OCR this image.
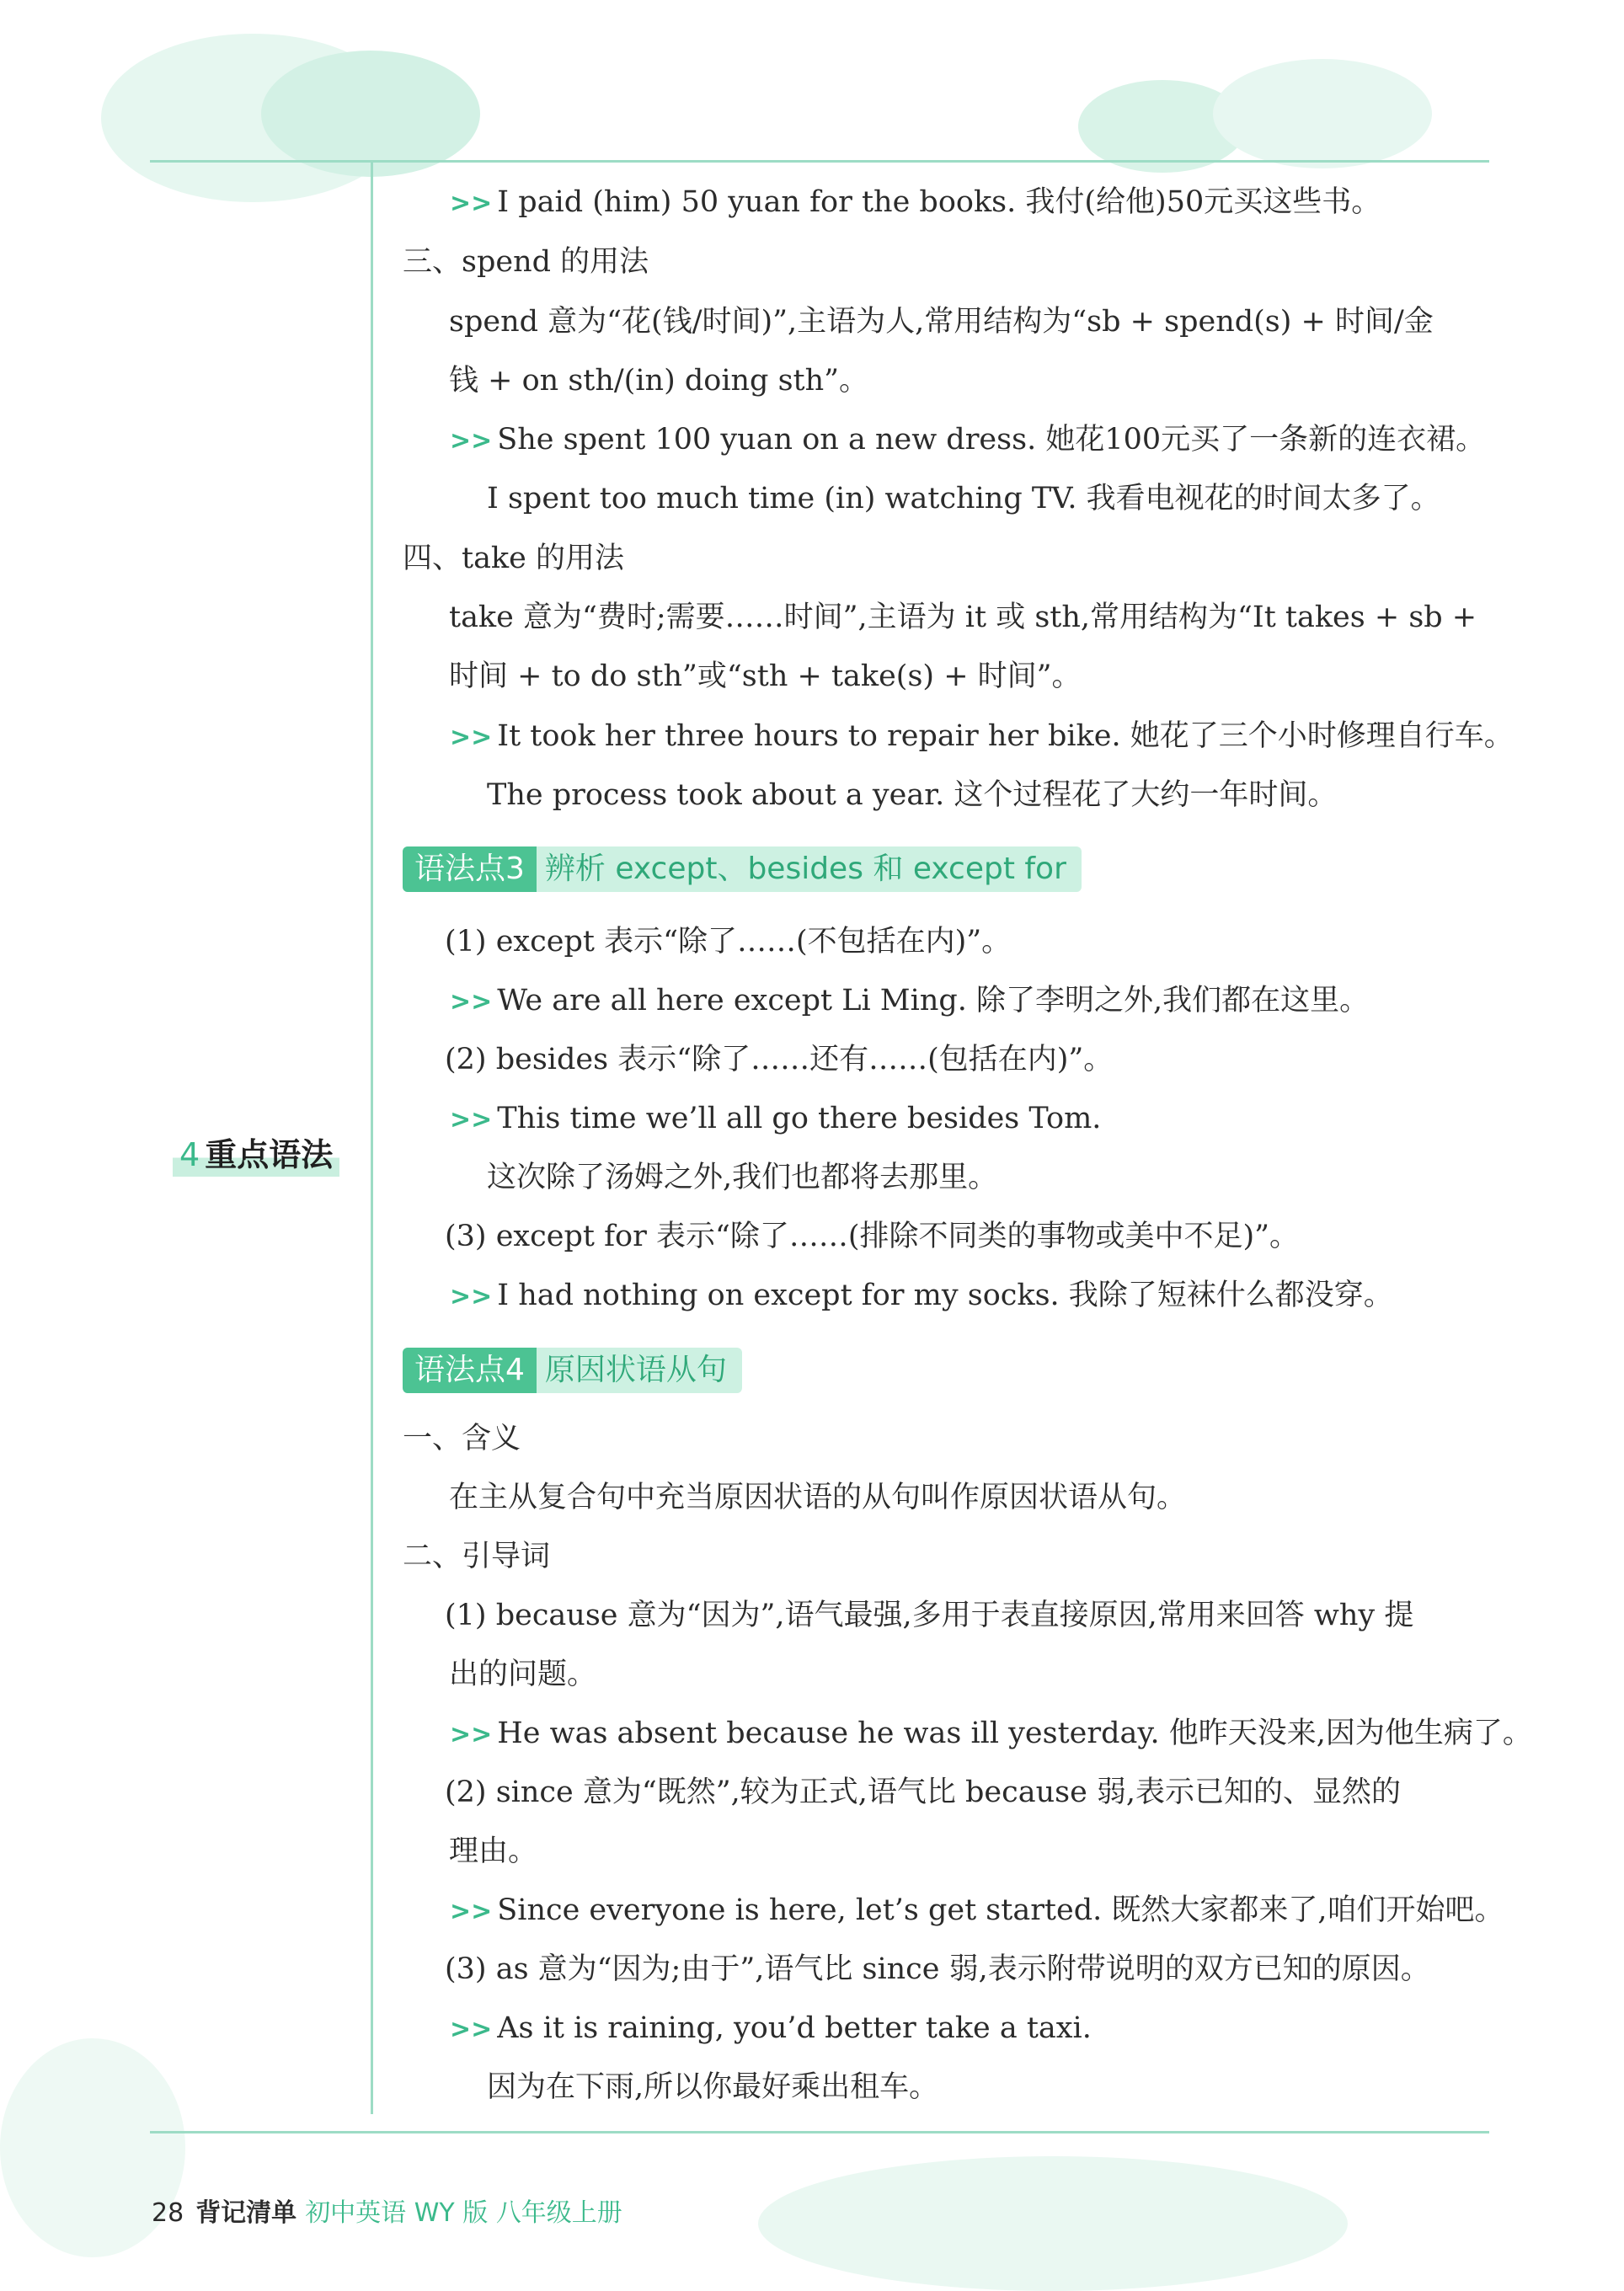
4 重点语法
>> I paid (him) 50 yuan for the books. 我付(给他)50元买这些书。
三、spend 的用法
spend 意为“花(钱/时间)”,主语为人,常用结构为“sb + spend(s) + 时间/金
钱 + on sth/(in) doing sth”。
>> She spent 100 yuan on a new dress. 她花100元买了一条新的连衣裙。
I spent too much time (in) watching TV. 我看电视花的时间太多了。
四、take 的用法
take 意为“费时;需要……时间”,主语为 it 或 sth,常用结构为“It takes + sb +
时间 + to do sth”或“sth + take(s) + 时间”。
>> It took her three hours to repair her bike. 她花了三个小时修理自行车。
The process took about a year. 这个过程花了大约一年时间。
语法点3 辨析 except、besides 和 except for
(1) except 表示“除了……(不包括在内)”。
>> We are all here except Li Ming. 除了李明之外,我们都在这里。
(2) besides 表示“除了……还有……(包括在内)”。
>> This time we’ll all go there besides Tom.
这次除了汤姆之外,我们也都将去那里。
(3) except for 表示“除了……(排除不同类的事物或美中不足)”。
>> I had nothing on except for my socks. 我除了短袜什么都没穿。
语法点4 原因状语从句
一、含义
在主从复合句中充当原因状语的从句叫作原因状语从句。
二、引导词
(1) because 意为“因为”,语气最强,多用于表直接原因,常用来回答 why 提
出的问题。
>> He was absent because he was ill yesterday. 他昨天没来,因为他生病了。
(2) since 意为“既然”,较为正式,语气比 because 弱,表示已知的、显然的
理由。
>> Since everyone is here, let’s get started. 既然大家都来了,咱们开始吧。
(3) as 意为“因为;由于”,语气比 since 弱,表示附带说明的双方已知的原因。
>> As it is raining, you’d better take a taxi.
因为在下雨,所以你最好乘出租车。
28 背记清单 初中英语 WY 版 八年级上册
